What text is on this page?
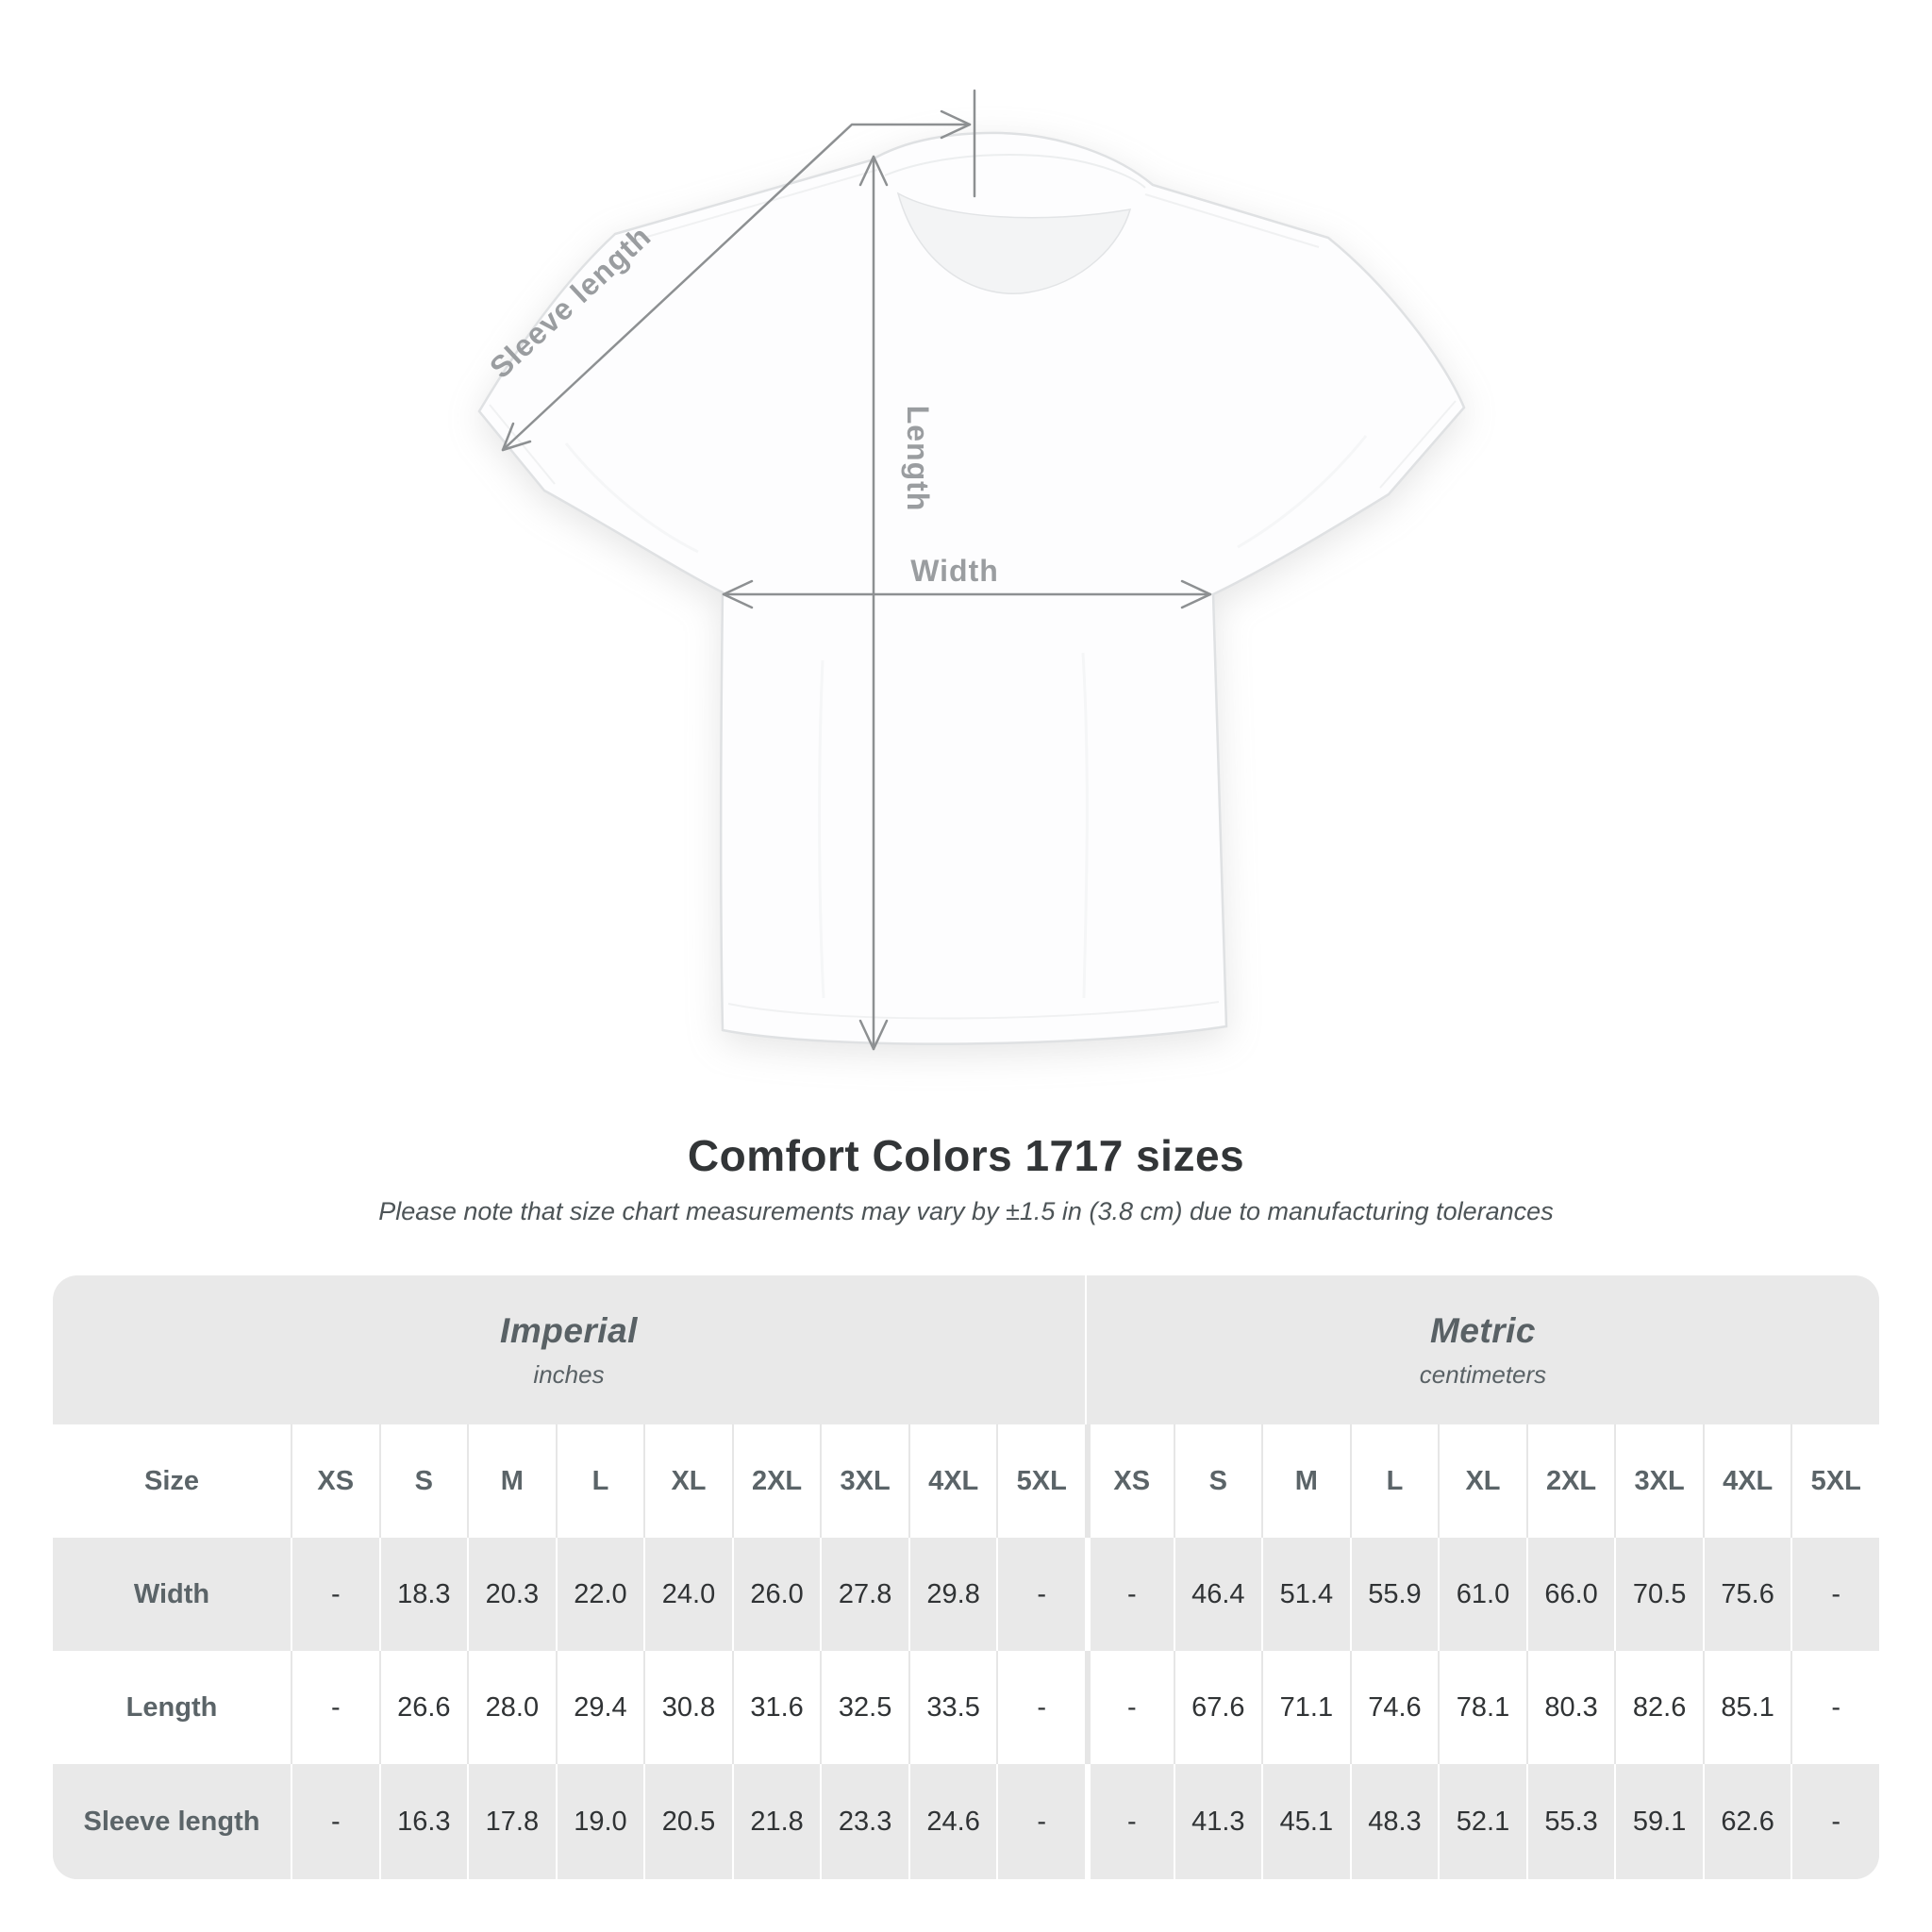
Sleeve length
Length
Width
Comfort Colors 1717 sizes

Please note that size chart measurements may vary by ±1.5 in (3.8 cm) due to manufacturing tolerances

Imperial
inches
Metric
centimeters
Size	XS	S	M	L	XL	2XL	3XL	4XL	5XL	XS	S	M	L	XL	2XL	3XL	4XL	5XL
Width	-	18.3	20.3	22.0	24.0	26.0	27.8	29.8	-	-	46.4	51.4	55.9	61.0	66.0	70.5	75.6	-
Length	-	26.6	28.0	29.4	30.8	31.6	32.5	33.5	-	-	67.6	71.1	74.6	78.1	80.3	82.6	85.1	-
Sleeve length	-	16.3	17.8	19.0	20.5	21.8	23.3	24.6	-	-	41.3	45.1	48.3	52.1	55.3	59.1	62.6	-
